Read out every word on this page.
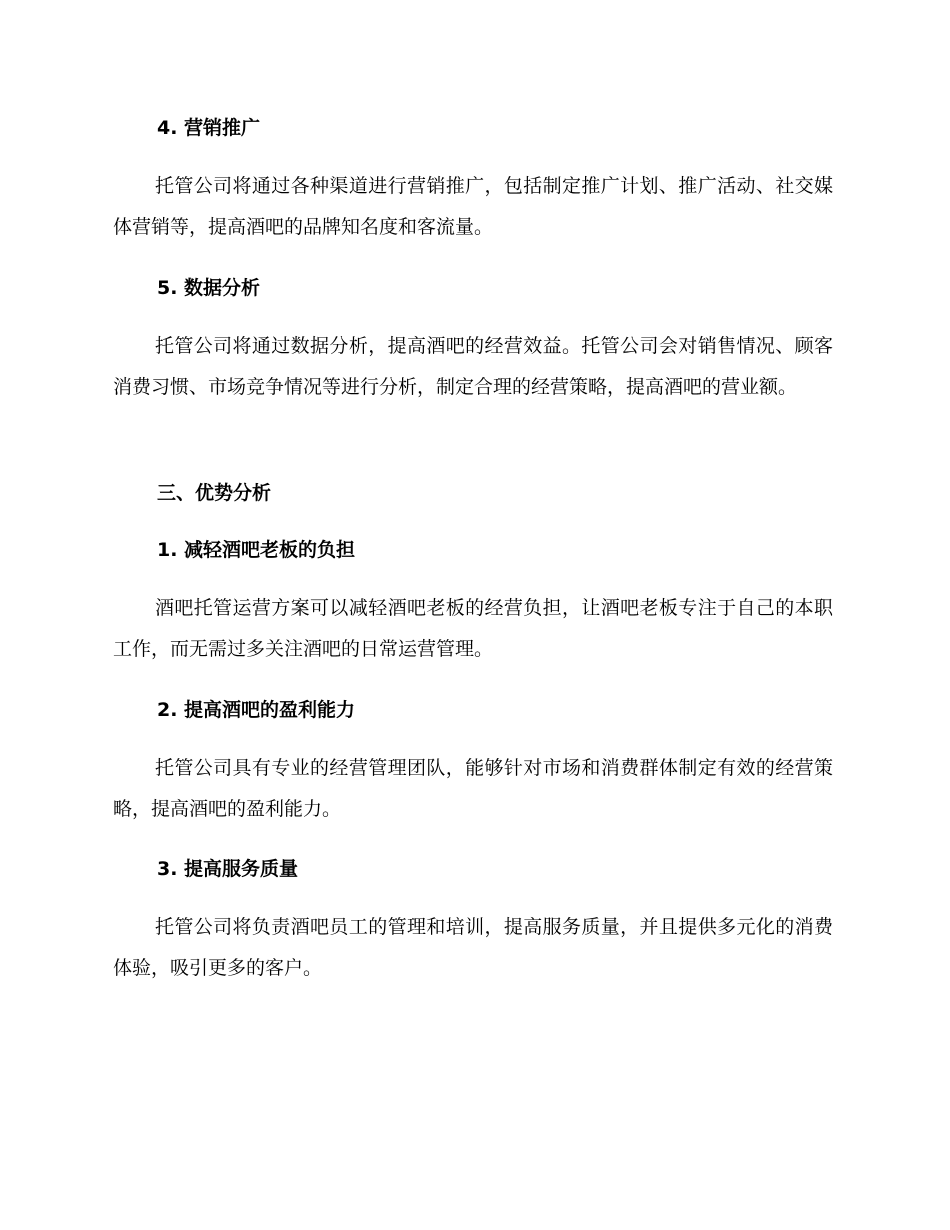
4. 营销推广

托管公司将通过各种渠道进行营销推广，包括制定推广计划、推广活动、社交媒体营销等，提高酒吧的品牌知名度和客流量。

5. 数据分析

托管公司将通过数据分析，提高酒吧的经营效益。托管公司会对销售情况、顾客消费习惯、市场竞争情况等进行分析，制定合理的经营策略，提高酒吧的营业额。

三、优势分析
1. 减轻酒吧老板的负担

酒吧托管运营方案可以减轻酒吧老板的经营负担，让酒吧老板专注于自己的本职工作，而无需过多关注酒吧的日常运营管理。

2. 提高酒吧的盈利能力

托管公司具有专业的经营管理团队，能够针对市场和消费群体制定有效的经营策略，提高酒吧的盈利能力。

3. 提高服务质量

托管公司将负责酒吧员工的管理和培训，提高服务质量，并且提供多元化的消费体验，吸引更多的客户。
